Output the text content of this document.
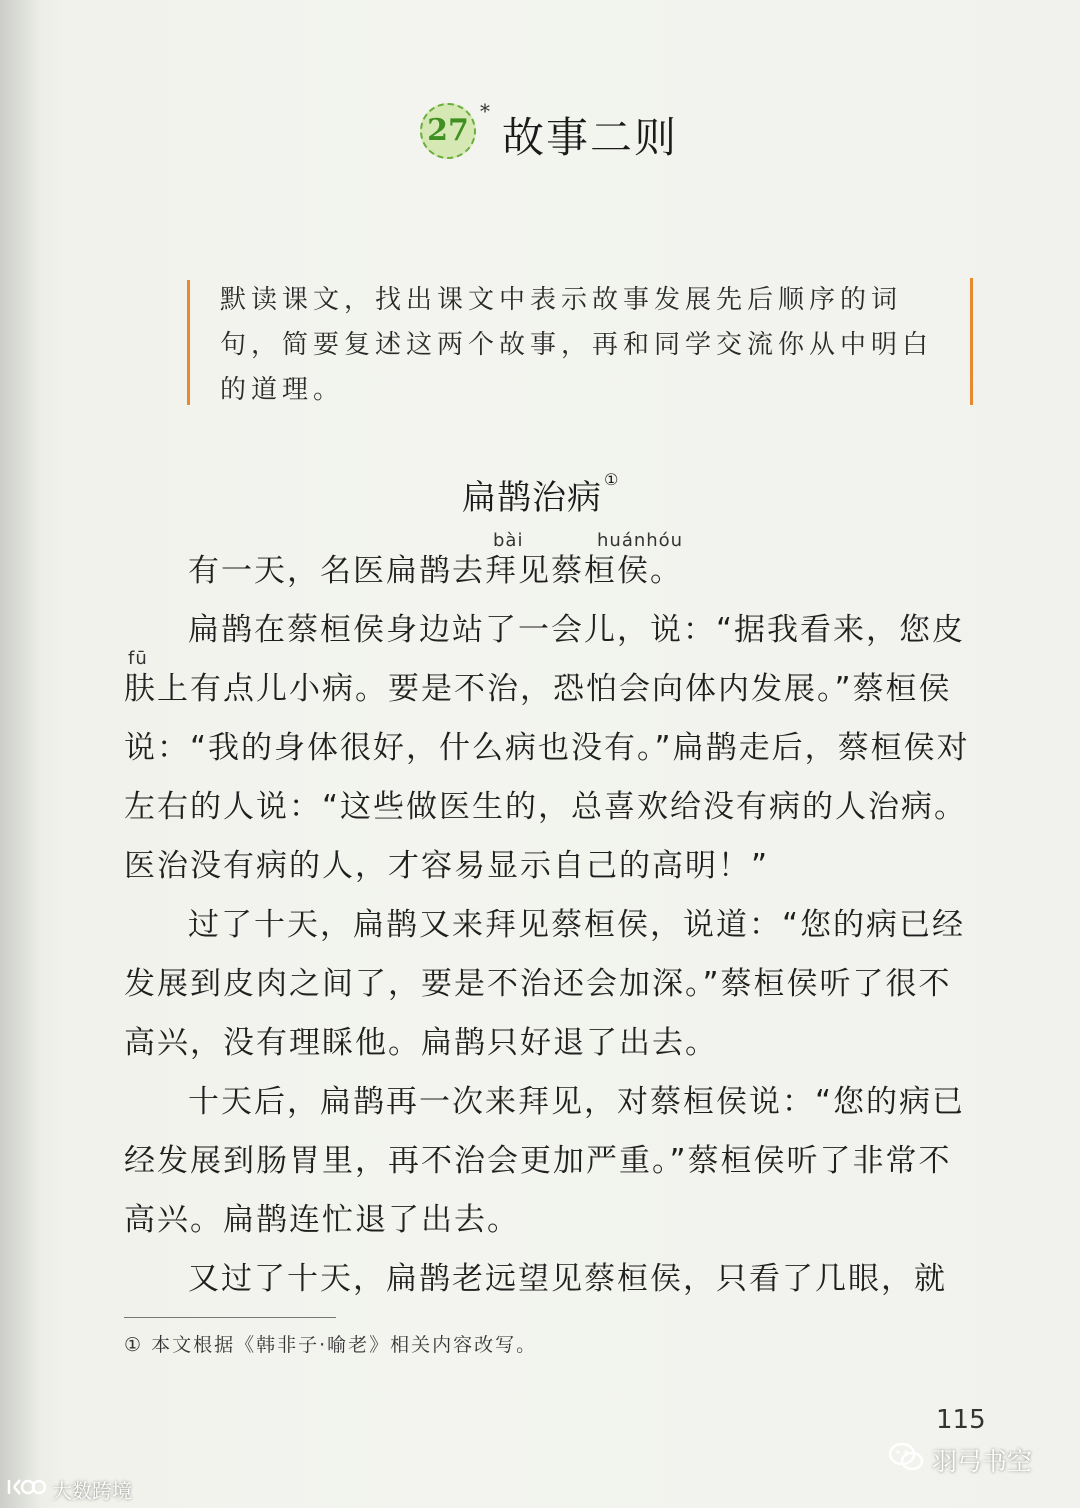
27
*
故事二则
默读课文，找出课文中表示故事发展先后顺序的词句，简要复述这两个故事，再和同学交流你从中明白的道理。
扁鹊治病 ①
bài	huánhóu
fū

有一天，名医扁鹊去拜见蔡桓侯。

扁鹊在蔡桓侯身边站了一会儿，说：“据我看来，您皮肤上有点儿小病。要是不治，恐怕会向体内发展。”蔡桓侯说：“我的身体很好，什么病也没有。”扁鹊走后，蔡桓侯对左右的人说：“这些做医生的，总喜欢给没有病的人治病。医治没有病的人，才容易显示自己的高明！”

过了十天，扁鹊又来拜见蔡桓侯，说道：“您的病已经发展到皮肉之间了，要是不治还会加深。”蔡桓侯听了很不高兴，没有理睬他。扁鹊只好退了出去。

十天后，扁鹊再一次来拜见，对蔡桓侯说：“您的病已经发展到肠胃里，再不治会更加严重。”蔡桓侯听了非常不高兴。扁鹊连忙退了出去。

又过了十天，扁鹊老远望见蔡桓侯，只看了几眼，就

① 本文根据《韩非子·喻老》相关内容改写。
115
羽弓书空
大数跨境
